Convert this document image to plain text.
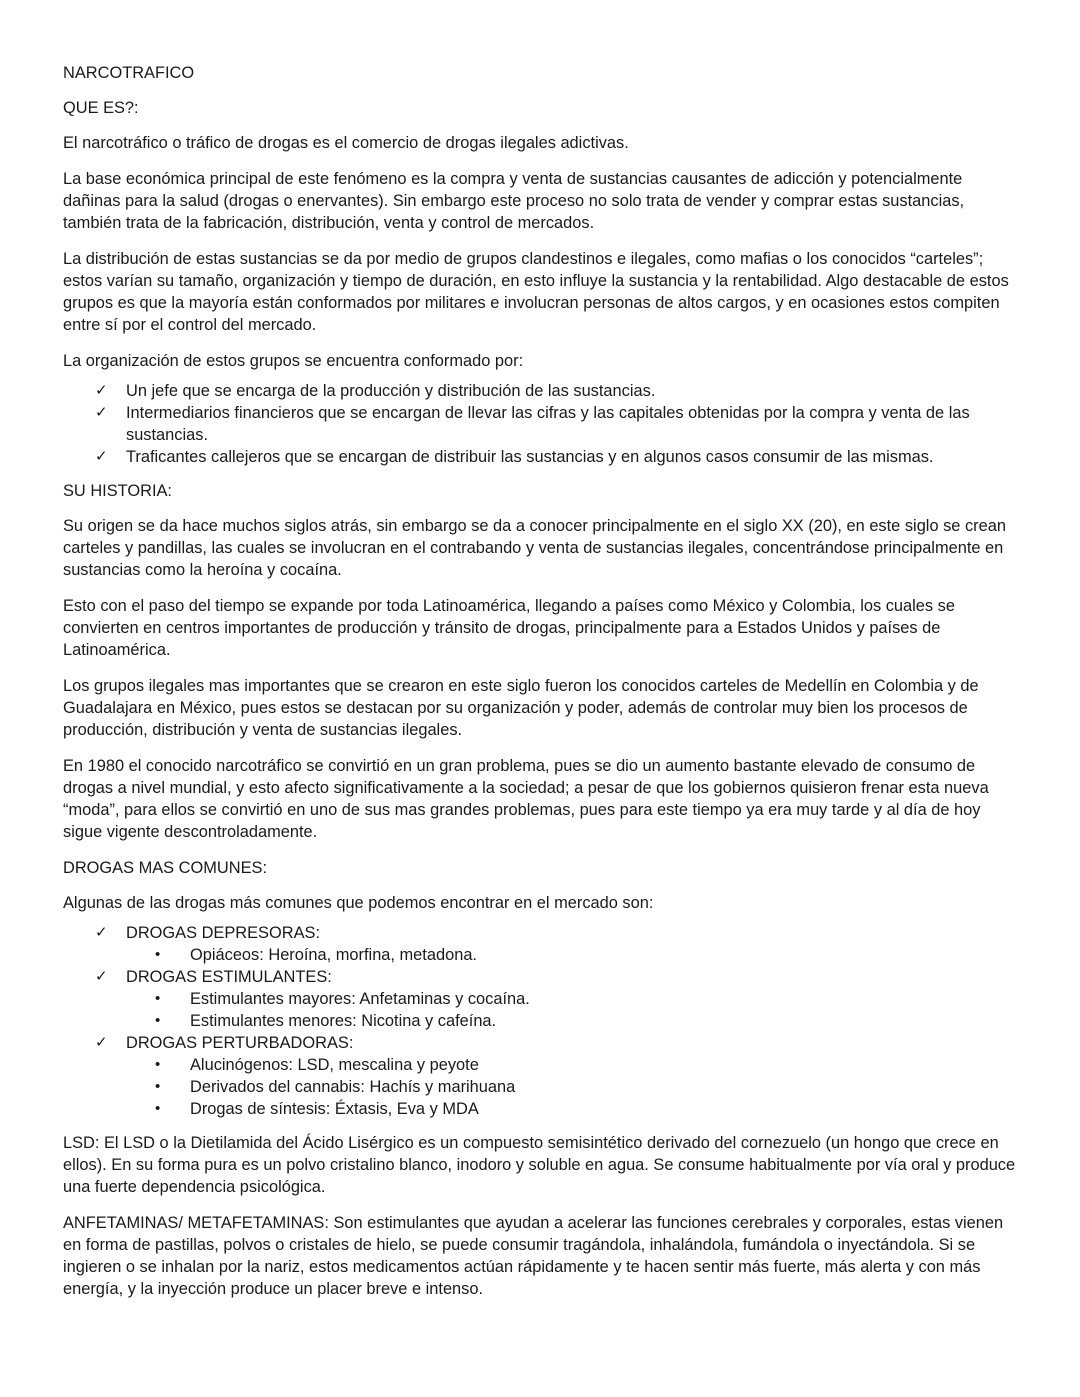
NARCOTRAFICO

QUE ES?:

El narcotráfico o tráfico de drogas es el comercio de drogas ilegales adictivas.

La base económica principal de este fenómeno es la compra y venta de sustancias causantes de adicción y potencialmente dañinas para la salud (drogas o enervantes). Sin embargo este proceso no solo trata de vender y comprar estas sustancias, también trata de la fabricación, distribución, venta y control de mercados.

La distribución de estas sustancias se da por medio de grupos clandestinos e ilegales, como mafias o los conocidos “carteles”; estos varían su tamaño, organización y tiempo de duración, en esto influye la sustancia y la rentabilidad. Algo destacable de estos grupos es que la mayoría están conformados por militares e involucran personas de altos cargos, y en ocasiones estos compiten entre sí por el control del mercado.

La organización de estos grupos se encuentra conformado por:

✓	Un jefe que se encarga de la producción y distribución de las sustancias.
✓	Intermediarios financieros que se encargan de llevar las cifras y las capitales obtenidas por la compra y venta de las sustancias.
✓	Traficantes callejeros que se encargan de distribuir las sustancias y en algunos casos consumir de las mismas.

SU HISTORIA:

Su origen se da hace muchos siglos atrás, sin embargo se da a conocer principalmente en el siglo XX (20), en este siglo se crean carteles y pandillas, las cuales se involucran en el contrabando y venta de sustancias ilegales, concentrándose principalmente en sustancias como la heroína y cocaína.

Esto con el paso del tiempo se expande por toda Latinoamérica, llegando a países como México y Colombia, los cuales se convierten en centros importantes de producción y tránsito de drogas, principalmente para a Estados Unidos y países de Latinoamérica.

Los grupos ilegales mas importantes que se crearon en este siglo fueron los conocidos carteles de Medellín en Colombia y de Guadalajara en México, pues estos se destacan por su organización y poder, además de controlar muy bien los procesos de producción, distribución y venta de sustancias ilegales.

En 1980 el conocido narcotráfico se convirtió en un gran problema, pues se dio un aumento bastante elevado de consumo de drogas a nivel mundial, y esto afecto significativamente a la sociedad; a pesar de que los gobiernos quisieron frenar esta nueva “moda”, para ellos se convirtió en uno de sus mas grandes problemas, pues para este tiempo ya era muy tarde y al día de hoy sigue vigente descontroladamente.

DROGAS MAS COMUNES:

Algunas de las drogas más comunes que podemos encontrar en el mercado son:

✓	DROGAS DEPRESORAS:
• Opiáceos: Heroína, morfina, metadona.
✓	DROGAS ESTIMULANTES:
• Estimulantes mayores: Anfetaminas y cocaína.
• Estimulantes menores: Nicotina y cafeína.
✓	DROGAS PERTURBADORAS:
• Alucinógenos: LSD, mescalina y peyote
• Derivados del cannabis: Hachís y marihuana
• Drogas de síntesis: Éxtasis, Eva y MDA

LSD: El LSD o la Dietilamida del Ácido Lisérgico es un compuesto semisintético derivado del cornezuelo (un hongo que crece en ellos). En su forma pura es un polvo cristalino blanco, inodoro y soluble en agua. Se consume habitualmente por vía oral y produce una fuerte dependencia psicológica.

ANFETAMINAS/ METAFETAMINAS: Son estimulantes que ayudan a acelerar las funciones cerebrales y corporales, estas vienen en forma de pastillas, polvos o cristales de hielo, se puede consumir tragándola, inhalándola, fumándola o inyectándola. Si se ingieren o se inhalan por la nariz, estos medicamentos actúan rápidamente y te hacen sentir más fuerte, más alerta y con más energía, y la inyección produce un placer breve e intenso.
